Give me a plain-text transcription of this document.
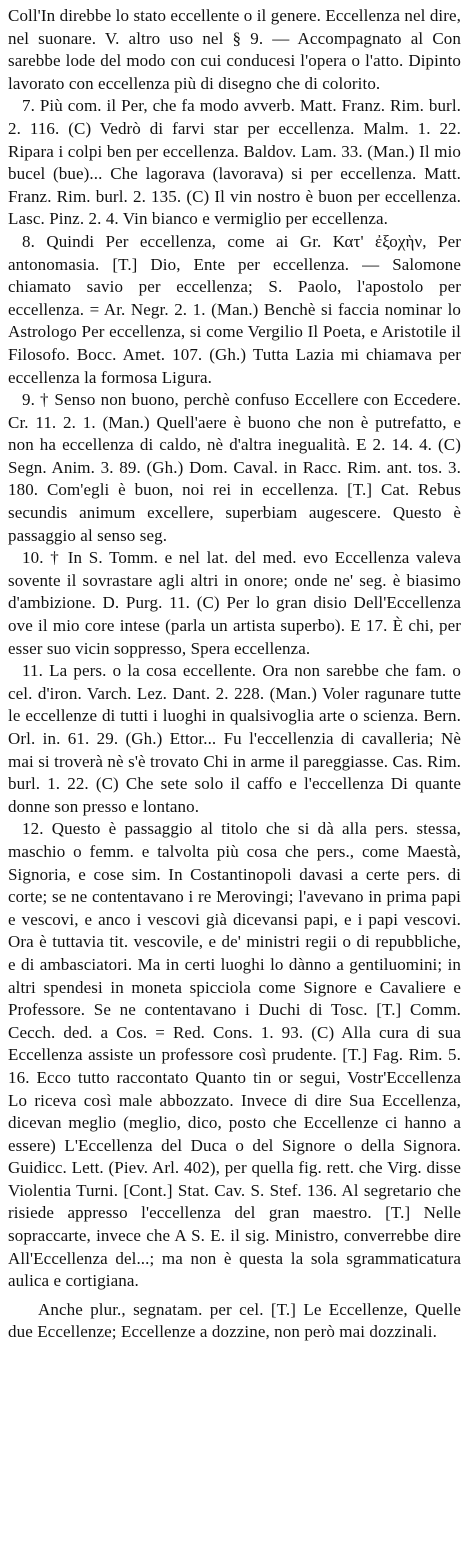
Coll'In direbbe lo stato eccellente o il genere. Eccellenza nel dire, nel suonare. V. altro uso nel § 9. — Accompagnato al Con sarebbe lode del modo con cui conducesi l'opera o l'atto. Dipinto lavorato con eccellenza più di disegno che di colorito.

7. Più com. il Per, che fa modo avverb. Matt. Franz. Rim. burl. 2. 116. (C) Vedrò di farvi star per eccellenza. Malm. 1. 22. Ripara i colpi ben per eccellenza. Baldov. Lam. 33. (Man.) Il mio bucel (bue)... Che lagorava (lavorava) si per eccellenza. Matt. Franz. Rim. burl. 2. 135. (C) Il vin nostro è buon per eccellenza. Lasc. Pinz. 2. 4. Vin bianco e vermiglio per eccellenza.

8. Quindi Per eccellenza, come ai Gr. Κατ' ἐξοχὴν, Per antonomasia. [T.] Dio, Ente per eccellenza. — Salomone chiamato savio per eccellenza; S. Paolo, l'apostolo per eccellenza. = Ar. Negr. 2. 1. (Man.) Benchè si faccia nominar lo Astrologo Per eccellenza, si come Vergilio Il Poeta, e Aristotile il Filosofo. Bocc. Amet. 107. (Gh.) Tutta Lazia mi chiamava per eccellenza la formosa Ligura.

9. † Senso non buono, perchè confuso Eccellere con Eccedere. Cr. 11. 2. 1. (Man.) Quell'aere è buono che non è putrefatto, e non ha eccellenza di caldo, nè d'altra inegualità. E 2. 14. 4. (C) Segn. Anim. 3. 89. (Gh.) Dom. Caval. in Racc. Rim. ant. tos. 3. 180. Com'egli è buon, noi rei in eccellenza. [T.] Cat. Rebus secundis animum excellere, superbiam augescere. Questo è passaggio al senso seg.

10. † In S. Tomm. e nel lat. del med. evo Eccellenza valeva sovente il sovrastare agli altri in onore; onde ne' seg. è biasimo d'ambizione. D. Purg. 11. (C) Per lo gran disio Dell'Eccellenza ove il mio core intese (parla un artista superbo). E 17. È chi, per esser suo vicin soppresso, Spera eccellenza.

11. La pers. o la cosa eccellente. Ora non sarebbe che fam. o cel. d'iron. Varch. Lez. Dant. 2. 228. (Man.) Voler ragunare tutte le eccellenze di tutti i luoghi in qualsivoglia arte o scienza. Bern. Orl. in. 61. 29. (Gh.) Ettor... Fu l'eccellenzia di cavalleria; Nè mai si troverà nè s'è trovato Chi in arme il pareggiasse. Cas. Rim. burl. 1. 22. (C) Che sete solo il caffo e l'eccellenza Di quante donne son presso e lontano.

12. Questo è passaggio al titolo che si dà alla pers. stessa, maschio o femm. e talvolta più cosa che pers., come Maestà, Signoria, e cose sim. In Costantinopoli davasi a certe pers. di corte; se ne contentavano i re Merovingi; l'avevano in prima papi e vescovi, e anco i vescovi già dicevansi papi, e i papi vescovi. Ora è tuttavia tit. vescovile, e de' ministri regii o di repubbliche, e di ambasciatori. Ma in certi luoghi lo dànno a gentiluomini; in altri spendesi in moneta spicciola come Signore e Cavaliere e Professore. Se ne contentavano i Duchi di Tosc. [T.] Comm. Cecch. ded. a Cos. = Red. Cons. 1. 93. (C) Alla cura di sua Eccellenza assiste un professore così prudente. [T.] Fag. Rim. 5. 16. Ecco tutto raccontato Quanto tin or segui, Vostr'Eccellenza Lo riceva così male abbozzato. Invece di dire Sua Eccellenza, dicevan meglio (meglio, dico, posto che Eccellenze ci hanno a essere) L'Eccellenza del Duca o del Signore o della Signora. Guidicc. Lett. (Piev. Arl. 402), per quella fig. rett. che Virg. disse Violentia Turni. [Cont.] Stat. Cav. S. Stef. 136. Al segretario che risiede appresso l'eccellenza del gran maestro. [T.] Nelle sopraccarte, invece che A S. E. il sig. Ministro, converrebbe dire All'Eccellenza del...; ma non è questa la sola sgrammaticatura aulica e cortigiana.

Anche plur., segnatam. per cel. [T.] Le Eccellenze, Quelle due Eccellenze; Eccellenze a dozzine, non però mai dozzinali.
